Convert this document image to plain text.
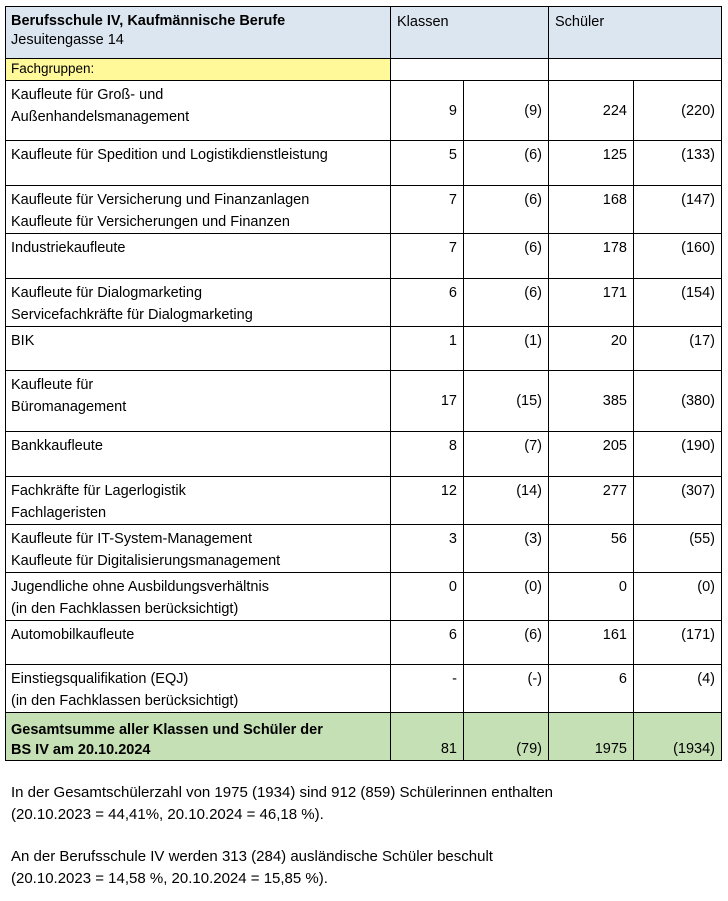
Berufsschule IV, Kaufmännische Berufe
Jesuitengasse 14	Klassen		Schüler	
Fachgruppen:				

Kaufleute für Groß- und
Außenhandelsmanagement	9	(9)	224	(220)

Kaufleute für Spedition und Logistikdienstleistung	5	(6)	125	(133)

Kaufleute für Versicherung und Finanzanlagen
Kaufleute für Versicherungen und Finanzen	7	(6)	168	(147)

Industriekaufleute	7	(6)	178	(160)

Kaufleute für Dialogmarketing
Servicefachkräfte für Dialogmarketing	6	(6)	171	(154)

BIK	1	(1)	20	(17)

Kaufleute für
Büromanagement	17	(15)	385	(380)

Bankkaufleute	8	(7)	205	(190)

Fachkräfte für Lagerlogistik
Fachlageristen	12	(14)	277	(307)

Kaufleute für IT-System-Management
Kaufleute für Digitalisierungsmanagement	3	(3)	56	(55)

Jugendliche ohne Ausbildungsverhältnis
(in den Fachklassen berücksichtigt)	0	(0)	0	(0)

Automobilkaufleute	6	(6)	161	(171)

Einstiegsqualifikation (EQJ)
(in den Fachklassen berücksichtigt)	-	(-)	6	(4)

Gesamtsumme aller Klassen und Schüler der
BS IV am 20.10.2024	81	(79)	1975	(1934)
In der Gesamtschülerzahl von 1975 (1934) sind 912 (859) Schülerinnen enthalten
(20.10.2023 = 44,41%, 20.10.2024 = 46,18 %).
An der Berufsschule IV werden 313 (284) ausländische Schüler beschult
(20.10.2023 = 14,58 %, 20.10.2024 = 15,85 %).
